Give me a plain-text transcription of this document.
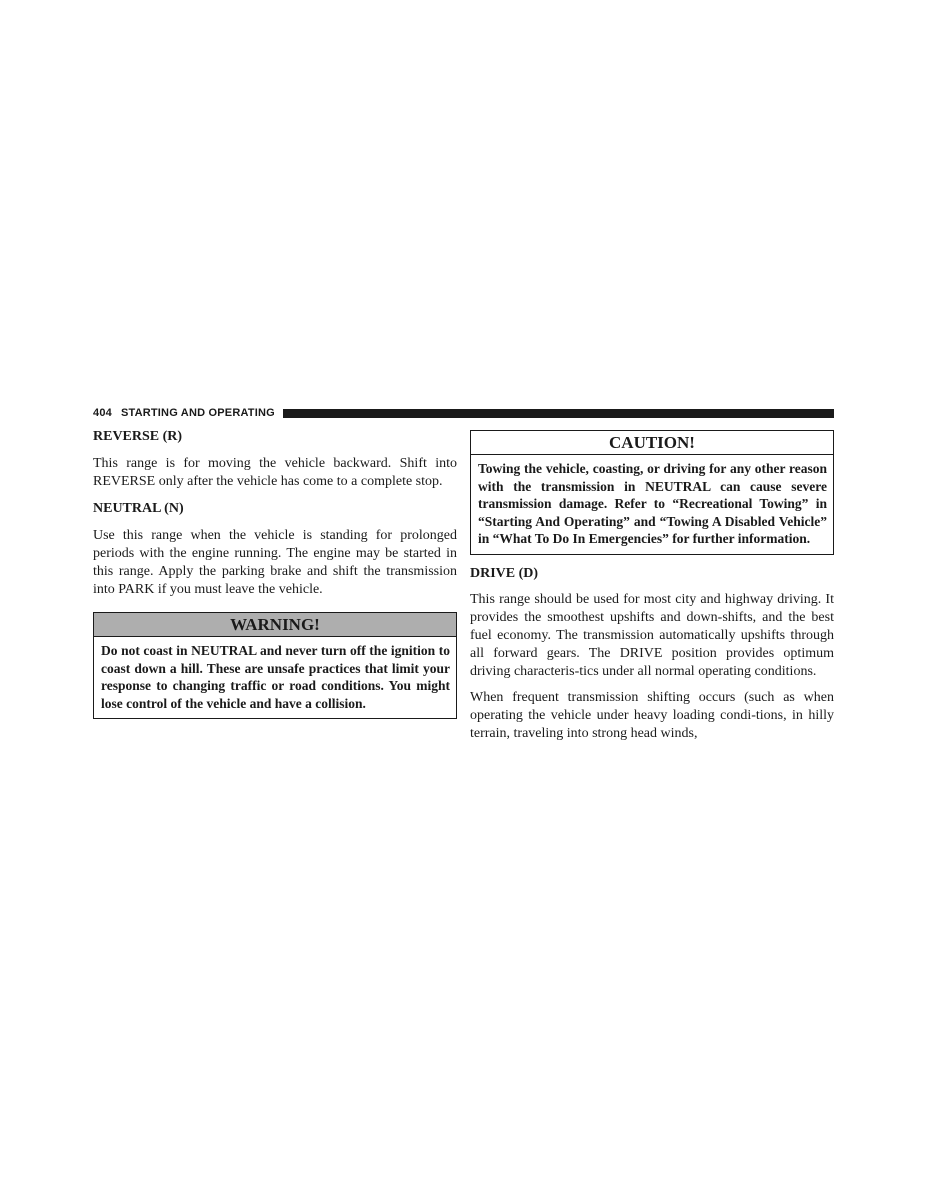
404 STARTING AND OPERATING
REVERSE (R)

This range is for moving the vehicle backward. Shift into REVERSE only after the vehicle has come to a complete stop.

NEUTRAL (N)

Use this range when the vehicle is standing for prolonged periods with the engine running. The engine may be started in this range. Apply the parking brake and shift the transmission into PARK if you must leave the vehicle.

WARNING!
Do not coast in NEUTRAL and never turn off the ignition to coast down a hill. These are unsafe practices that limit your response to changing traffic or road conditions. You might lose control of the vehicle and have a collision.
CAUTION!
Towing the vehicle, coasting, or driving for any other reason with the transmission in NEUTRAL can cause severe transmission damage. Refer to “Recreational Towing” in “Starting And Operating” and “Towing A Disabled Vehicle” in “What To Do In Emergencies” for further information.
DRIVE (D)

This range should be used for most city and highway driving. It provides the smoothest upshifts and down-shifts, and the best fuel economy. The transmission automatically upshifts through all forward gears. The DRIVE position provides optimum driving characteris-tics under all normal operating conditions.

When frequent transmission shifting occurs (such as when operating the vehicle under heavy loading condi-tions, in hilly terrain, traveling into strong head winds,
